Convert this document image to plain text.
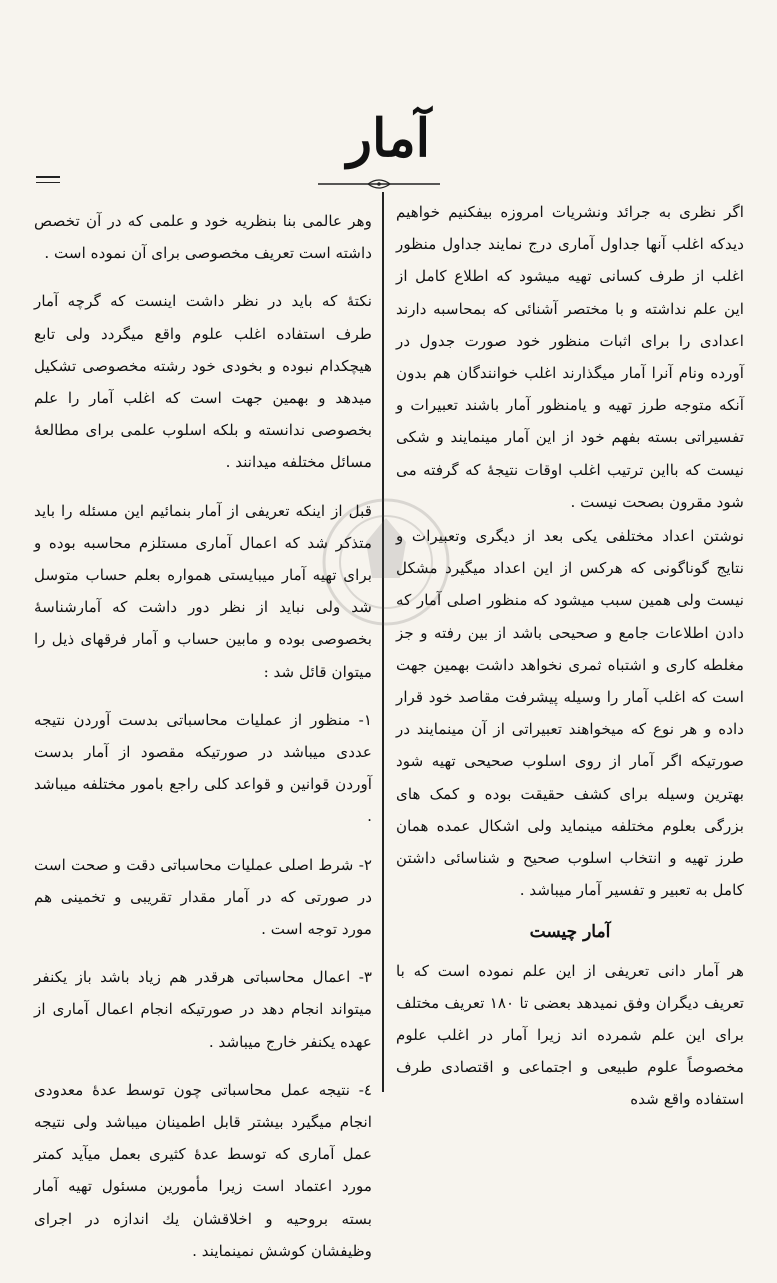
آمار

اگر نظری به جرائد ونشریات امروزه بیفکنیم خواهیم دیدکه اغلب آنها جداول آماری درج نمایند جداول منظور اغلب از طرف کسانی تهیه میشود که اطلاع کامل از این علم نداشته و با مختصر آشنائی که بمحاسبه دارند اعدادی را برای اثبات منظور خود صورت جدول در آورده ونام آنرا آمار میگذارند اغلب خوانندگان هم بدون آنکه متوجه طرز تهیه و یامنظور آمار باشند تعبیرات و تفسیراتی بسته بفهم خود از این آمار مینمایند و شکی نیست که بااین ترتیب اغلب اوقات نتیجۀ که گرفته می شود مقرون بصحت نیست .

نوشتن اعداد مختلفی یکی بعد از دیگری وتعبیرات و نتایج گوناگونی که هرکس از این اعداد میگیرد مشکل نیست ولی همین سبب میشود که منظور اصلی آمار که دادن اطلاعات جامع و صحیحی باشد از بین رفته و جز مغلطه کاری و اشتباه ثمری نخواهد داشت بهمین جهت است که اغلب آمار را وسیله پیشرفت مقاصد خود قرار داده و هر نوع که میخواهند تعبیراتی از آن مینمایند در صورتیکه اگر آمار از روی اسلوب صحیحی تهیه شود بهترین وسیله برای کشف حقیقت بوده و کمک های بزرگی بعلوم مختلفه مینماید ولی اشکال عمده همان طرز تهیه و انتخاب اسلوب صحیح و شناسائی داشتن کامل به تعبیر و تفسیر آمار میباشد .

آمار چیست

هر آمار دانی تعریفی از این علم نموده است که با تعریف دیگران وفق نمیدهد بعضی تا ۱۸۰ تعریف مختلف برای این علم شمرده اند زیرا آمار در اغلب علوم مخصوصاً علوم طبیعی و اجتماعی و اقتصادی طرف استفاده واقع شده

وهر عالمی بنا بنظریه خود و علمی که در آن تخصص داشته است تعریف مخصوصی برای آن نموده است .

نکتۀ که باید در نظر داشت اینست که گرچه آمار طرف استفاده اغلب علوم واقع میگردد ولی تابع هیچکدام نبوده و بخودی خود رشته مخصوصی تشکیل میدهد و بهمین جهت است که اغلب آمار را علم بخصوصی ندانسته و بلکه اسلوب علمی برای مطالعۀ مسائل مختلفه میدانند .

قبل از اینکه تعریفی از آمار بنمائیم این مسئله را باید متذکر شد که اعمال آماری مستلزم محاسبه بوده و برای تهیه آمار میبایستی همواره بعلم حساب متوسل شد ولی نباید از نظر دور داشت که آمارشناسۀ بخصوصی بوده و مابین حساب و آمار فرقهای ذیل را میتوان قائل شد :

۱- منظور از عملیات محاسباتی بدست آوردن نتیجه عددی میباشد در صورتیکه مقصود از آمار بدست آوردن قوانین و قواعد کلی راجع بامور مختلفه میباشد .

۲- شرط اصلی عملیات محاسباتی دقت و صحت است در صورتی که در آمار مقدار تقریبی و تخمینی هم مورد توجه است .

۳- اعمال محاسباتی هرقدر هم زیاد باشد باز یکنفر میتواند انجام دهد در صورتیکه انجام اعمال آماری از عهده یکنفر خارج میباشد .

٤- نتیجه عمل محاسباتی چون توسط عدۀ معدودی انجام میگیرد بیشتر قابل اطمینان میباشد ولی نتیجه عمل آماری که توسط عدۀ کثیری بعمل میآید کمتر مورد اعتماد است زیرا مأمورین مسئول تهیه آمار بسته بروحیه و اخلاقشان یك اندازه در اجرای وظیفشان کوشش نمینمایند .
